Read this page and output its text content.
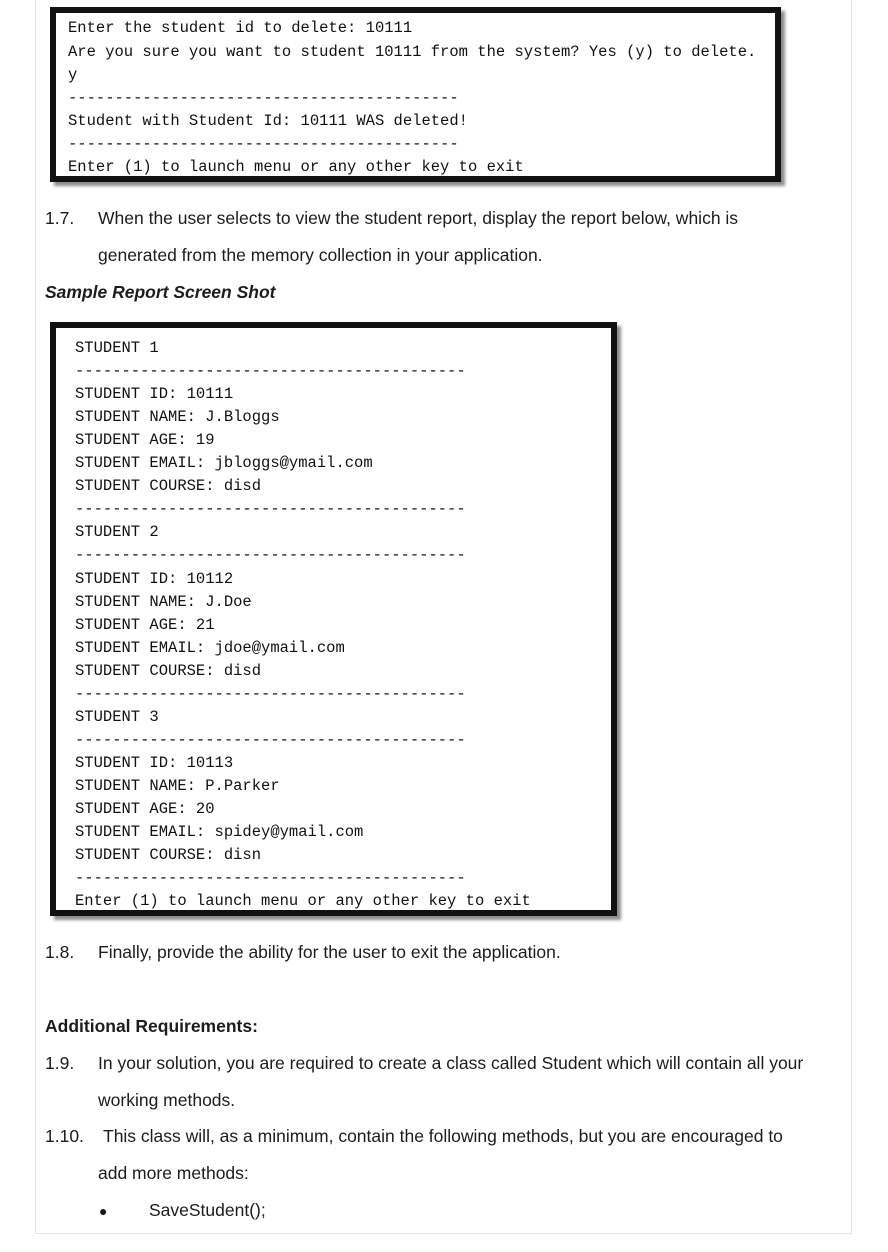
Enter the student id to delete: 10111
Are you sure you want to student 10111 from the system? Yes (y) to delete.
y
------------------------------------------
Student with Student Id: 10111 WAS deleted!
------------------------------------------
Enter (1) to launch menu or any other key to exit
1.7. When the user selects to view the student report, display the report below, which is
generated from the memory collection in your application.
Sample Report Screen Shot
STUDENT 1
------------------------------------------
STUDENT ID: 10111
STUDENT NAME: J.Bloggs
STUDENT AGE: 19
STUDENT EMAIL: jbloggs@ymail.com
STUDENT COURSE: disd
------------------------------------------
STUDENT 2
------------------------------------------
STUDENT ID: 10112
STUDENT NAME: J.Doe
STUDENT AGE: 21
STUDENT EMAIL: jdoe@ymail.com
STUDENT COURSE: disd
------------------------------------------
STUDENT 3
------------------------------------------
STUDENT ID: 10113
STUDENT NAME: P.Parker
STUDENT AGE: 20
STUDENT EMAIL: spidey@ymail.com
STUDENT COURSE: disn
------------------------------------------
Enter (1) to launch menu or any other key to exit
1.8. Finally, provide the ability for the user to exit the application.
Additional Requirements:
1.9. In your solution, you are required to create a class called Student which will contain all your
working methods.
1.10. This class will, as a minimum, contain the following methods, but you are encouraged to
add more methods:
● SaveStudent();
